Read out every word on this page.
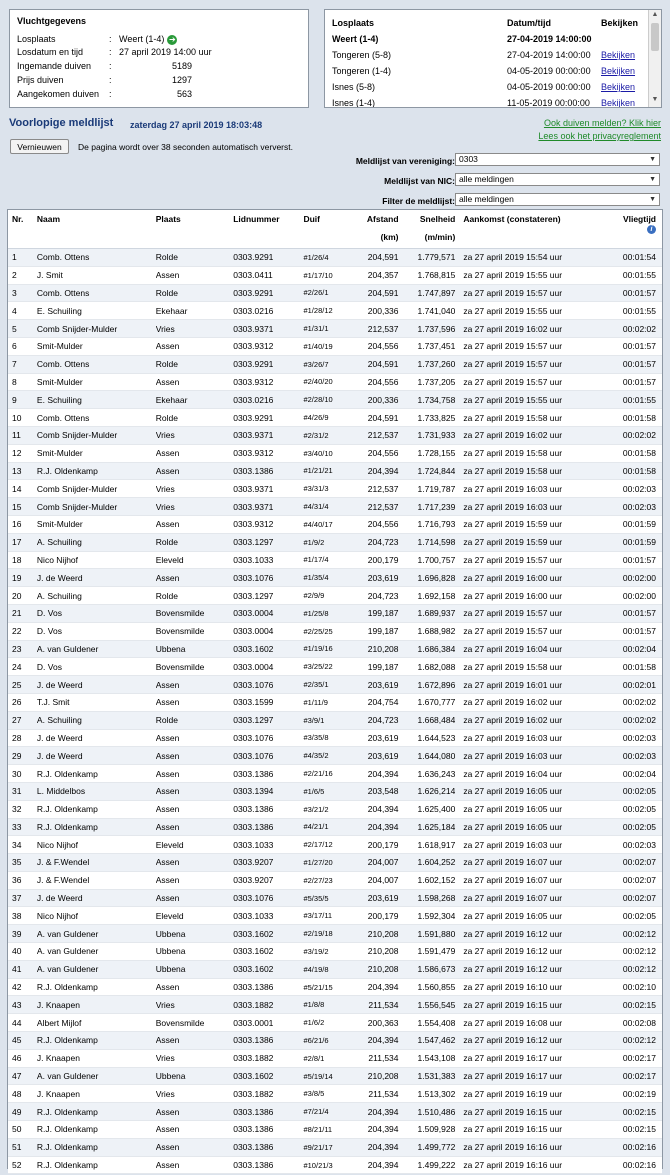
Vluchtgegevens
Losplaats	: Weert (1-4) ➔
Losdatum en tijd	: 27 april 2019 14:00 uur
Ingemande duiven :	5189
Prijs duiven	:	1297
Aangekomen duiven :	563
Losplaats	Datum/tijd	Bekijken
Weert (1-4)	27-04-2019 14:00:00
Tongeren (5-8)	27-04-2019 14:00:00 Bekijken
Tongeren (1-4)	04-05-2019 00:00:00 Bekijken
Isnes (5-8)	04-05-2019 00:00:00 Bekijken
Isnes (1-4)	11-05-2019 00:00:00 Bekijken
▲
▼
Voorlopige meldlijst zaterdag 27 april 2019 18:03:48	Ook duiven melden? Klik hier
Lees ook het privacyreglement
Vernieuwen	De pagina wordt over 38 seconden automatisch ververst.
Meldlijst van vereniging: 0303	▼
Meldlijst van NIC: alle meldingen	▼
Filter de meldlijst: alle meldingen	▼
Nr.	Naam	Plaats	Lidnummer	Duif	Afstand
(km)	Snelheid
(m/min)	Aankomst (constateren)	Vliegtijd
i
1	Comb. Ottens	Rolde	0303.9291	#1/26/4	204,591	1.779,571	za 27 april 2019 15:54 uur	00:01:54
2	J. Smit	Assen	0303.0411	#1/17/10	204,357	1.768,815	za 27 april 2019 15:55 uur	00:01:55
3	Comb. Ottens	Rolde	0303.9291	#2/26/1	204,591	1.747,897	za 27 april 2019 15:57 uur	00:01:57
4	E. Schuiling	Ekehaar	0303.0216	#1/28/12	200,336	1.741,040	za 27 april 2019 15:55 uur	00:01:55
5	Comb Snijder-Mulder	Vries	0303.9371	#1/31/1	212,537	1.737,596	za 27 april 2019 16:02 uur	00:02:02
6	Smit-Mulder	Assen	0303.9312	#1/40/19	204,556	1.737,451	za 27 april 2019 15:57 uur	00:01:57
7	Comb. Ottens	Rolde	0303.9291	#3/26/7	204,591	1.737,260	za 27 april 2019 15:57 uur	00:01:57
8	Smit-Mulder	Assen	0303.9312	#2/40/20	204,556	1.737,205	za 27 april 2019 15:57 uur	00:01:57
9	E. Schuiling	Ekehaar	0303.0216	#2/28/10	200,336	1.734,758	za 27 april 2019 15:55 uur	00:01:55
10	Comb. Ottens	Rolde	0303.9291	#4/26/9	204,591	1.733,825	za 27 april 2019 15:58 uur	00:01:58
11	Comb Snijder-Mulder	Vries	0303.9371	#2/31/2	212,537	1.731,933	za 27 april 2019 16:02 uur	00:02:02
12	Smit-Mulder	Assen	0303.9312	#3/40/10	204,556	1.728,155	za 27 april 2019 15:58 uur	00:01:58
13	R.J. Oldenkamp	Assen	0303.1386	#1/21/21	204,394	1.724,844	za 27 april 2019 15:58 uur	00:01:58
14	Comb Snijder-Mulder	Vries	0303.9371	#3/31/3	212,537	1.719,787	za 27 april 2019 16:03 uur	00:02:03
15	Comb Snijder-Mulder	Vries	0303.9371	#4/31/4	212,537	1.717,239	za 27 april 2019 16:03 uur	00:02:03
16	Smit-Mulder	Assen	0303.9312	#4/40/17	204,556	1.716,793	za 27 april 2019 15:59 uur	00:01:59
17	A. Schuiling	Rolde	0303.1297	#1/9/2	204,723	1.714,598	za 27 april 2019 15:59 uur	00:01:59
18	Nico Nijhof	Eleveld	0303.1033	#1/17/4	200,179	1.700,757	za 27 april 2019 15:57 uur	00:01:57
19	J. de Weerd	Assen	0303.1076	#1/35/4	203,619	1.696,828	za 27 april 2019 16:00 uur	00:02:00
20	A. Schuiling	Rolde	0303.1297	#2/9/9	204,723	1.692,158	za 27 april 2019 16:00 uur	00:02:00
21	D. Vos	Bovensmilde	0303.0004	#1/25/8	199,187	1.689,937	za 27 april 2019 15:57 uur	00:01:57
22	D. Vos	Bovensmilde	0303.0004	#2/25/25	199,187	1.688,982	za 27 april 2019 15:57 uur	00:01:57
23	A. van Guldener	Ubbena	0303.1602	#1/19/16	210,208	1.686,384	za 27 april 2019 16:04 uur	00:02:04
24	D. Vos	Bovensmilde	0303.0004	#3/25/22	199,187	1.682,088	za 27 april 2019 15:58 uur	00:01:58
25	J. de Weerd	Assen	0303.1076	#2/35/1	203,619	1.672,896	za 27 april 2019 16:01 uur	00:02:01
26	T.J. Smit	Assen	0303.1599	#1/11/9	204,754	1.670,777	za 27 april 2019 16:02 uur	00:02:02
27	A. Schuiling	Rolde	0303.1297	#3/9/1	204,723	1.668,484	za 27 april 2019 16:02 uur	00:02:02
28	J. de Weerd	Assen	0303.1076	#3/35/8	203,619	1.644,523	za 27 april 2019 16:03 uur	00:02:03
29	J. de Weerd	Assen	0303.1076	#4/35/2	203,619	1.644,080	za 27 april 2019 16:03 uur	00:02:03
30	R.J. Oldenkamp	Assen	0303.1386	#2/21/16	204,394	1.636,243	za 27 april 2019 16:04 uur	00:02:04
31	L. Middelbos	Assen	0303.1394	#1/6/5	203,548	1.626,214	za 27 april 2019 16:05 uur	00:02:05
32	R.J. Oldenkamp	Assen	0303.1386	#3/21/2	204,394	1.625,400	za 27 april 2019 16:05 uur	00:02:05
33	R.J. Oldenkamp	Assen	0303.1386	#4/21/1	204,394	1.625,184	za 27 april 2019 16:05 uur	00:02:05
34	Nico Nijhof	Eleveld	0303.1033	#2/17/12	200,179	1.618,917	za 27 april 2019 16:03 uur	00:02:03
35	J. & F.Wendel	Assen	0303.9207	#1/27/20	204,007	1.604,252	za 27 april 2019 16:07 uur	00:02:07
36	J. & F.Wendel	Assen	0303.9207	#2/27/23	204,007	1.602,152	za 27 april 2019 16:07 uur	00:02:07
37	J. de Weerd	Assen	0303.1076	#5/35/5	203,619	1.598,268	za 27 april 2019 16:07 uur	00:02:07
38	Nico Nijhof	Eleveld	0303.1033	#3/17/11	200,179	1.592,304	za 27 april 2019 16:05 uur	00:02:05
39	A. van Guldener	Ubbena	0303.1602	#2/19/18	210,208	1.591,880	za 27 april 2019 16:12 uur	00:02:12
40	A. van Guldener	Ubbena	0303.1602	#3/19/2	210,208	1.591,479	za 27 april 2019 16:12 uur	00:02:12
41	A. van Guldener	Ubbena	0303.1602	#4/19/8	210,208	1.586,673	za 27 april 2019 16:12 uur	00:02:12
42	R.J. Oldenkamp	Assen	0303.1386	#5/21/15	204,394	1.560,855	za 27 april 2019 16:10 uur	00:02:10
43	J. Knaapen	Vries	0303.1882	#1/8/8	211,534	1.556,545	za 27 april 2019 16:15 uur	00:02:15
44	Albert Mijlof	Bovensmilde	0303.0001	#1/6/2	200,363	1.554,408	za 27 april 2019 16:08 uur	00:02:08
45	R.J. Oldenkamp	Assen	0303.1386	#6/21/6	204,394	1.547,462	za 27 april 2019 16:12 uur	00:02:12
46	J. Knaapen	Vries	0303.1882	#2/8/1	211,534	1.543,108	za 27 april 2019 16:17 uur	00:02:17
47	A. van Guldener	Ubbena	0303.1602	#5/19/14	210,208	1.531,383	za 27 april 2019 16:17 uur	00:02:17
48	J. Knaapen	Vries	0303.1882	#3/8/5	211,534	1.513,302	za 27 april 2019 16:19 uur	00:02:19
49	R.J. Oldenkamp	Assen	0303.1386	#7/21/4	204,394	1.510,486	za 27 april 2019 16:15 uur	00:02:15
50	R.J. Oldenkamp	Assen	0303.1386	#8/21/11	204,394	1.509,928	za 27 april 2019 16:15 uur	00:02:15
51	R.J. Oldenkamp	Assen	0303.1386	#9/21/17	204,394	1.499,772	za 27 april 2019 16:16 uur	00:02:16
52	R.J. Oldenkamp	Assen	0303.1386	#10/21/3	204,394	1.499,222	za 27 april 2019 16:16 uur	00:02:16
